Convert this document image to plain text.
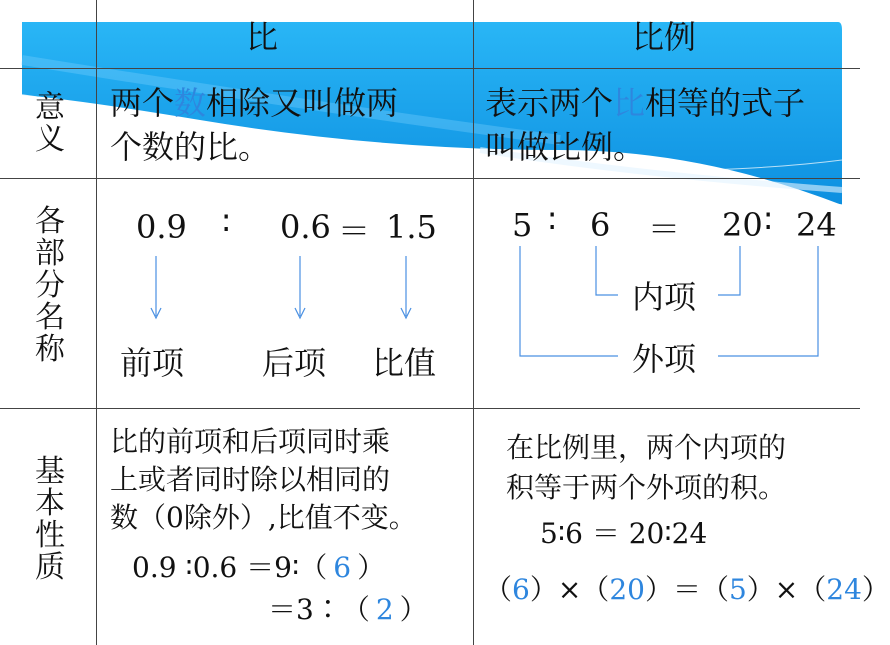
比	比例
意
义
各
部
分
名
称
基
本
性
质
两个数相除又叫做两
个数的比。
表示两个比相等的式子
叫做比例。
0.9 ∶ 0.6 ＝ 1.5
前项 后项 比值
5 ∶ 6 ＝ 20 ∶ 24
内项
外项
比的前项和后项同时乘
上或者同时除以相同的
数（0除外）,比值不变。
0.9 ∶0.6 ＝9∶（ 6 ）
＝3∶（ 2 ）
在比例里，两个内项的
积等于两个外项的积。
5∶6 ＝ 20∶24
（6）×（20）＝（5）×（24）
